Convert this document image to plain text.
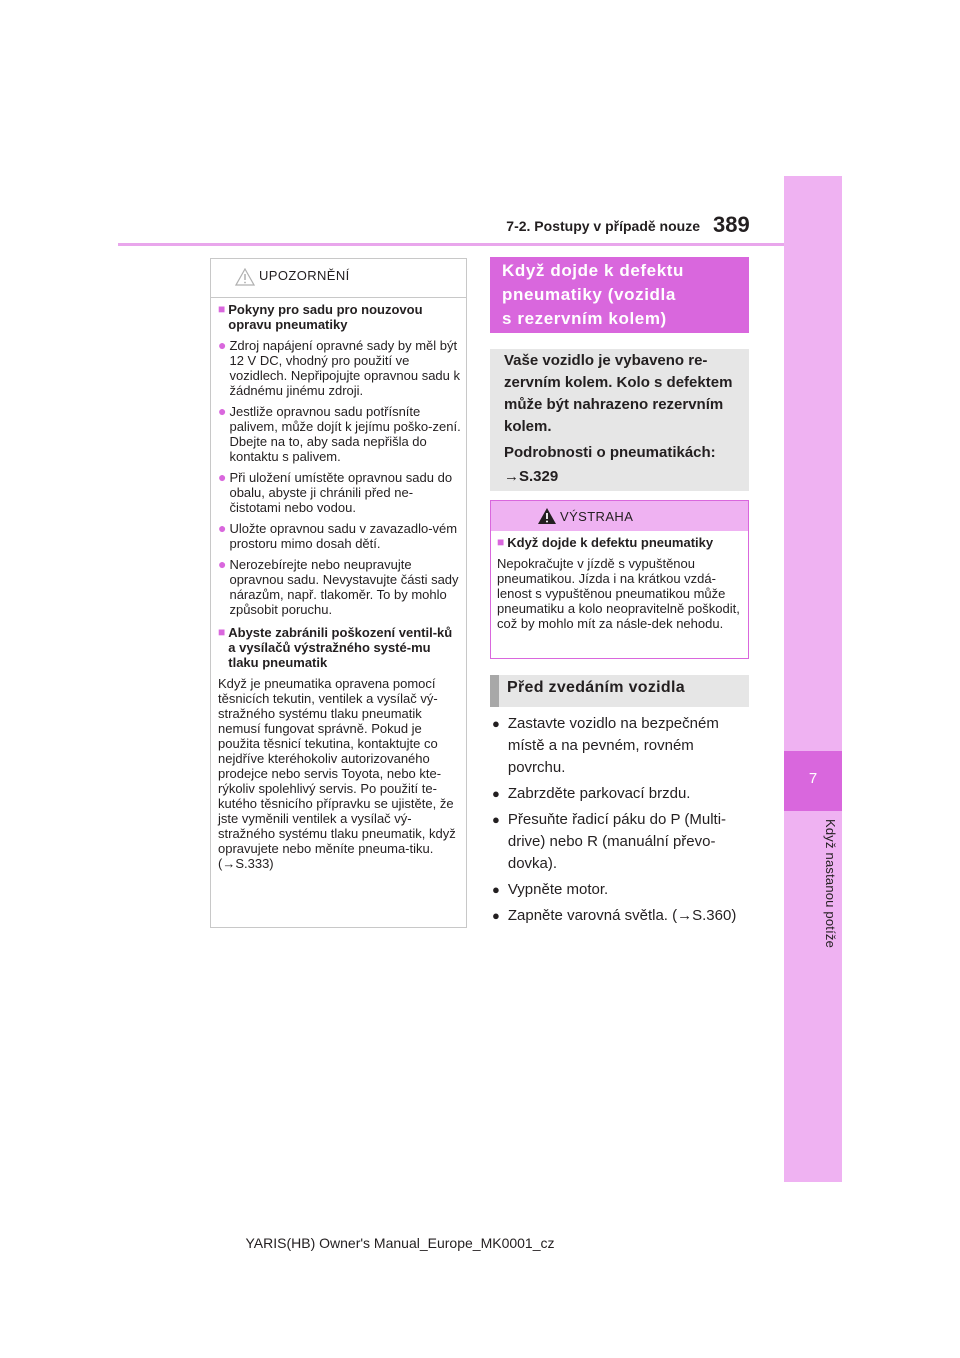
7-2. Postupy v případě nouze 389
7
Když nastanou potíže
UPOZORNĚNÍ
■ Pokyny pro sadu pro nouzovou opravu pneumatiky
● Zdroj napájení opravné sady by měl být 12 V DC, vhodný pro použití ve vozidlech. Nepřipojujte opravnou sadu k žádnému jinému zdroji.
● Jestliže opravnou sadu potřísníte palivem, může dojít k jejímu poško-zení. Dbejte na to, aby sada nepřišla do kontaktu s palivem.
● Při uložení umístěte opravnou sadu do obalu, abyste ji chránili před ne-čistotami nebo vodou.
● Uložte opravnou sadu v zavazadlo-vém prostoru mimo dosah dětí.
● Nerozebírejte nebo neupravujte opravnou sadu. Nevystavujte části sady nárazům, např. tlakoměr. To by mohlo způsobit poruchu.
■ Abyste zabránili poškození ventil-ků a vysílačů výstražného systé-mu tlaku pneumatik

Když je pneumatika opravena pomocí těsnicích tekutin, ventilek a vysílač vý-stražného systému tlaku pneumatik nemusí fungovat správně. Pokud je použita těsnicí tekutina, kontaktujte co nejdříve kteréhokoliv autorizovaného prodejce nebo servis Toyota, nebo kte-rýkoliv spolehlivý servis. Po použití te-kutého těsnicího přípravku se ujistěte, že jste vyměnili ventilek a vysílač vý-stražného systému tlaku pneumatik, když opravujete nebo měníte pneuma-tiku. (→S.333)

Když dojde k defektu
pneumatiky (vozidla
s rezervním kolem)
Vaše vozidlo je vybaveno re-
zervním kolem. Kolo s defektem
může být nahrazeno rezervním
kolem.
Podrobnosti o pneumatikách:
→S.329
VÝSTRAHA
■ Když dojde k defektu pneumatiky

Nepokračujte v jízdě s vypuštěnou pneumatikou. Jízda i na krátkou vzdá-lenost s vypuštěnou pneumatikou může pneumatiku a kolo neopravitelně poškodit, což by mohlo mít za násle-dek nehodu.

Před zvedáním vozidla
● Zastavte vozidlo na bezpečném místě a na pevném, rovném povrchu.
● Zabrzděte parkovací brzdu.
● Přesuňte řadicí páku do P (Multi-drive) nebo R (manuální převo-dovka).
● Vypněte motor.
● Zapněte varovná světla. (→S.360)
YARIS(HB) Owner's Manual_Europe_MK0001_cz
